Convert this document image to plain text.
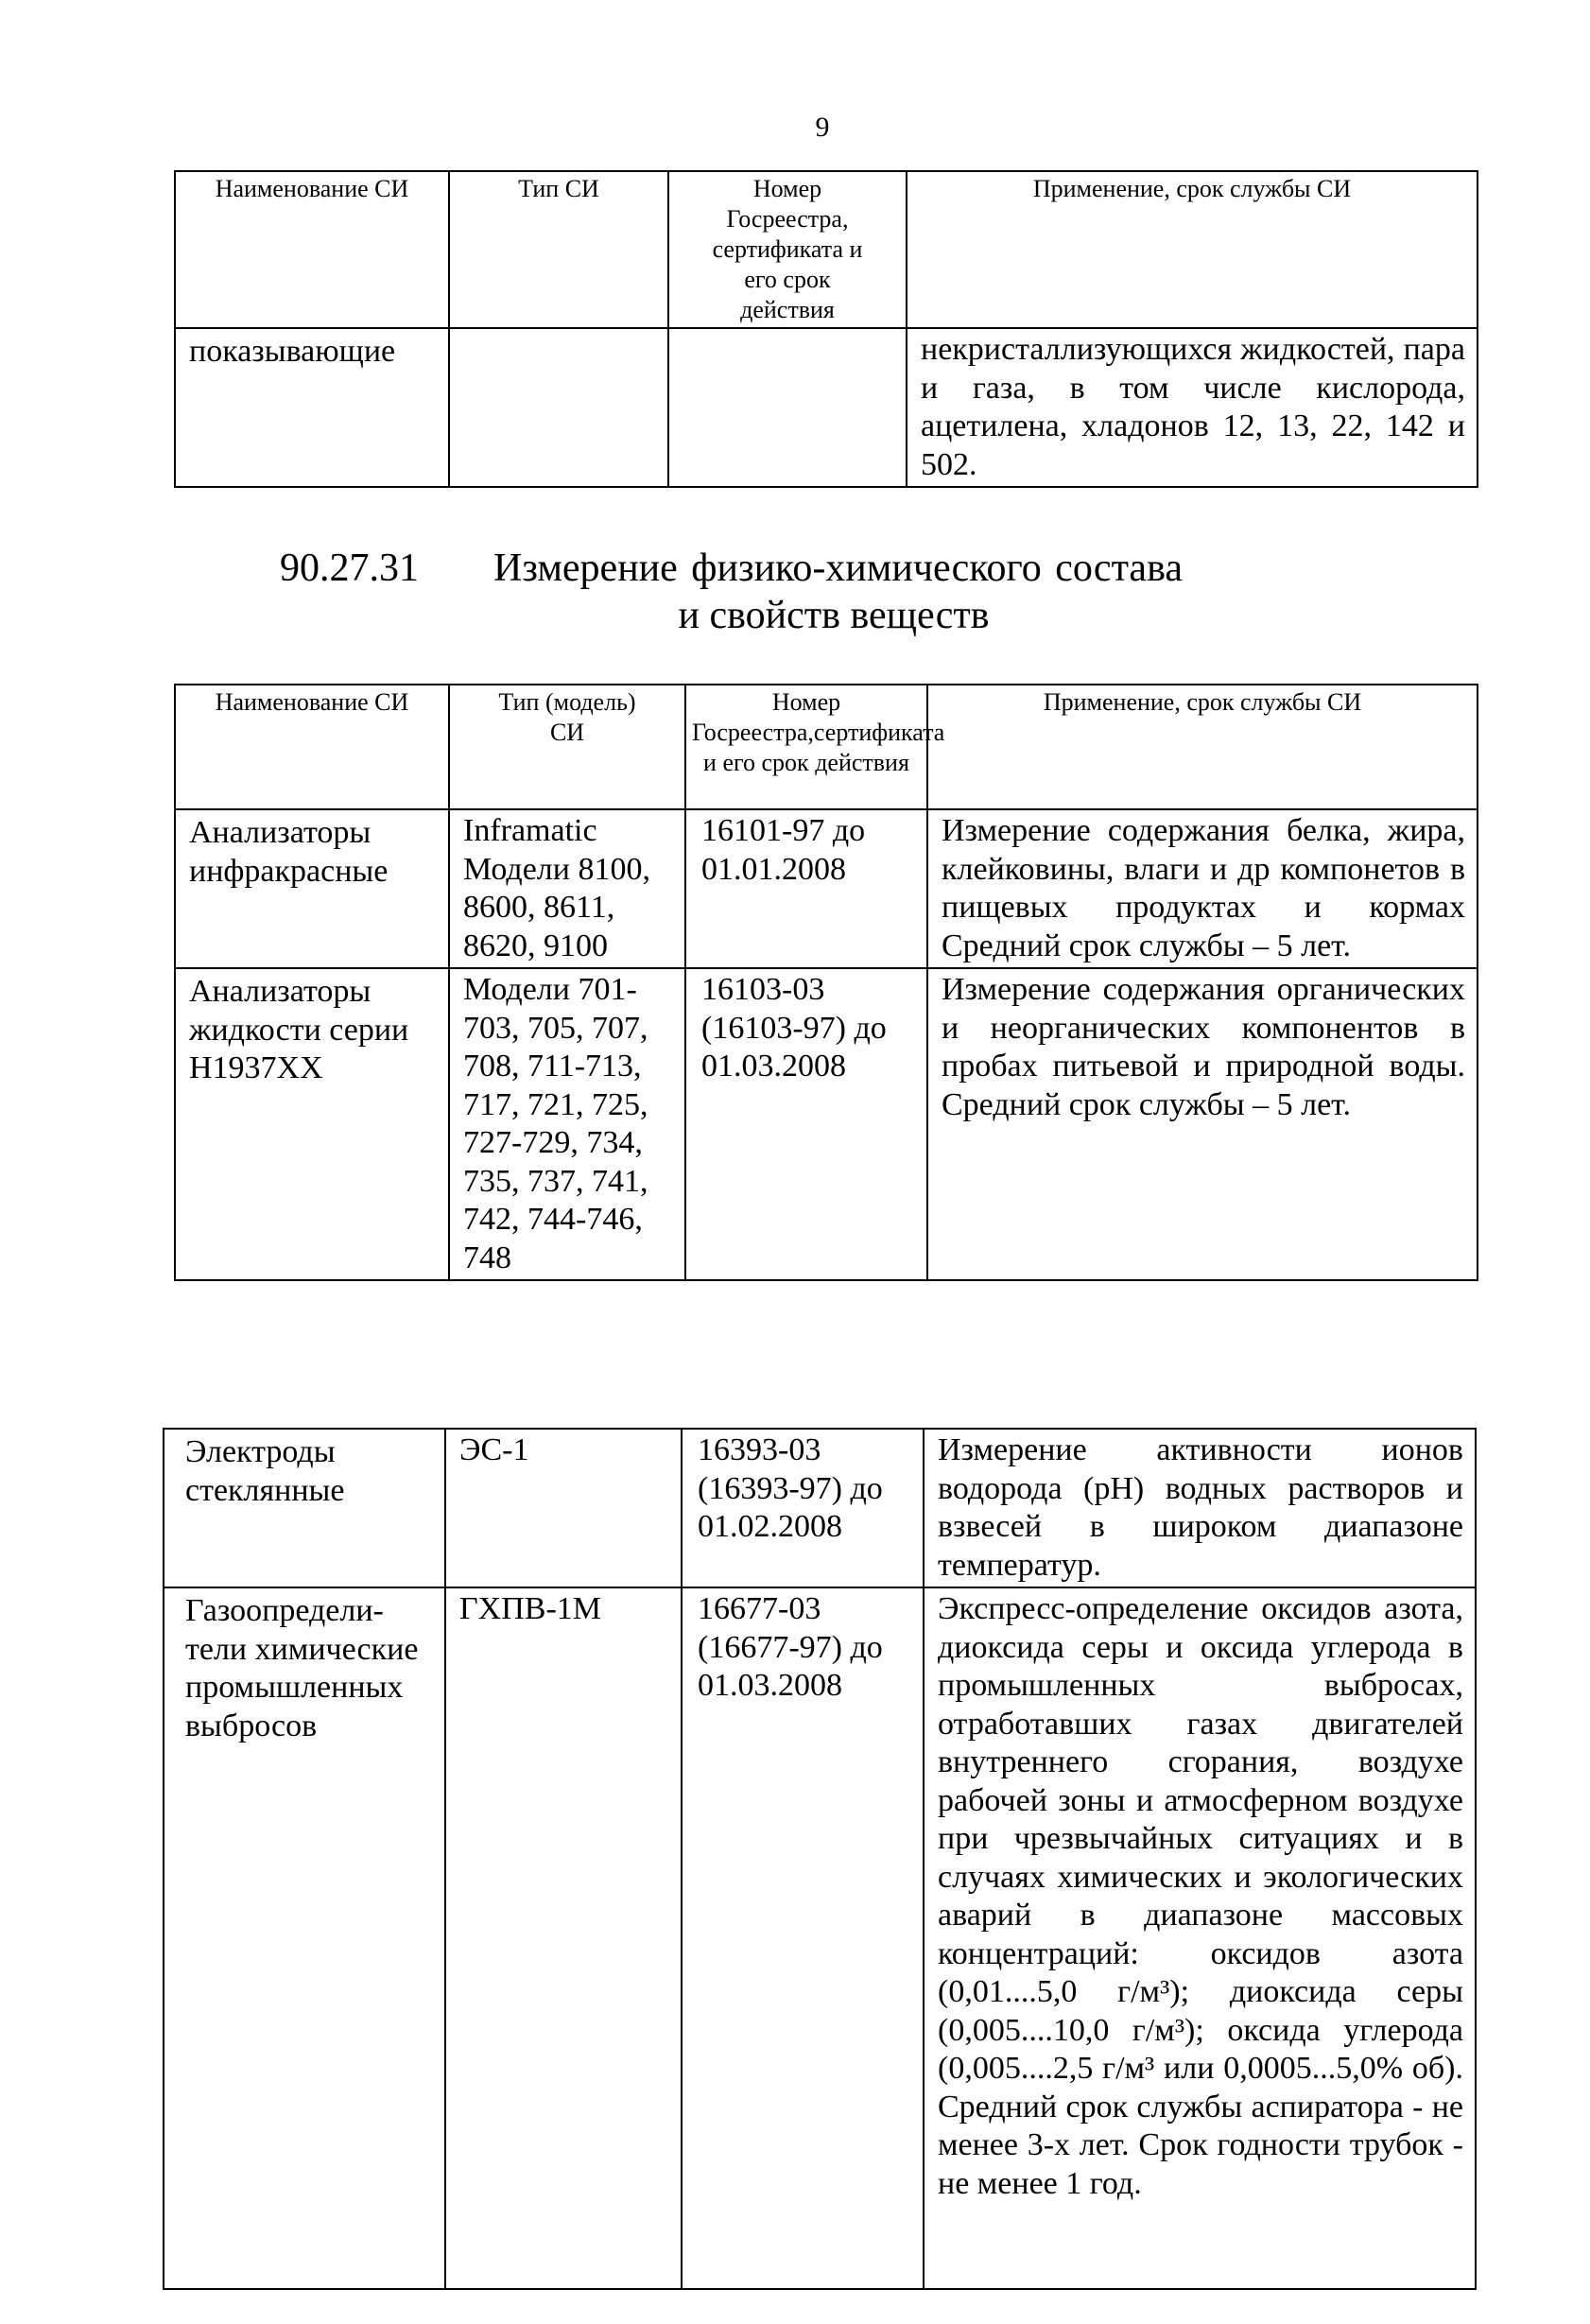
9
Наименование СИ	Тип СИ	Номер Госреестра, сертификата и его срок действия	Применение, срок службы СИ
показывающие			некристаллизующихся жидкостей, пара и газа, в том числе кислорода, ацетилена, хладонов 12, 13, 22, 142 и 502.
90.27.31 Измерение физико-химического состава
и свойств веществ
Наименование СИ	Тип (модель) СИ	Номер Госреестра,сертификата и его срок действия	Применение, срок службы СИ
Анализаторы инфракрасные	Inframatic Модели 8100, 8600, 8611, 8620, 9100	16101-97 до 01.01.2008	Измерение содержания белка, жира, клейковины, влаги и др компонетов в пищевых продуктах и кормах Средний срок службы – 5 лет.
Анализаторы жидкости серии H1937XX	Модели 701-703, 705, 707, 708, 711-713, 717, 721, 725, 727-729, 734, 735, 737, 741, 742, 744-746, 748	16103-03 (16103-97) до 01.03.2008	Измерение содержания органических и неорганических компонентов в пробах питьевой и природной воды. Средний срок службы – 5 лет.
Электроды стеклянные	ЭС-1	16393-03 (16393-97) до 01.02.2008	Измерение активности ионов водорода (pH) водных растворов и взвесей в широком диапазоне температур.
Газоопредели-тели химические промышленных выбросов	ГХПВ-1М	16677-03 (16677-97) до 01.03.2008	Экспресс-определение оксидов азота, диоксида серы и оксида углерода в промышленных выбросах, отработавших газах двигателей внутреннего сгорания, воздухе рабочей зоны и атмосферном воздухе при чрезвычайных ситуациях и в случаях химических и экологических аварий в диапазоне массовых концентраций: оксидов азота (0,01....5,0 г/м³); диоксида серы (0,005....10,0 г/м³); оксида углерода (0,005....2,5 г/м³ или 0,0005...5,0% об). Средний срок службы аспиратора - не менее 3-х лет. Срок годности трубок - не менее 1 год.
